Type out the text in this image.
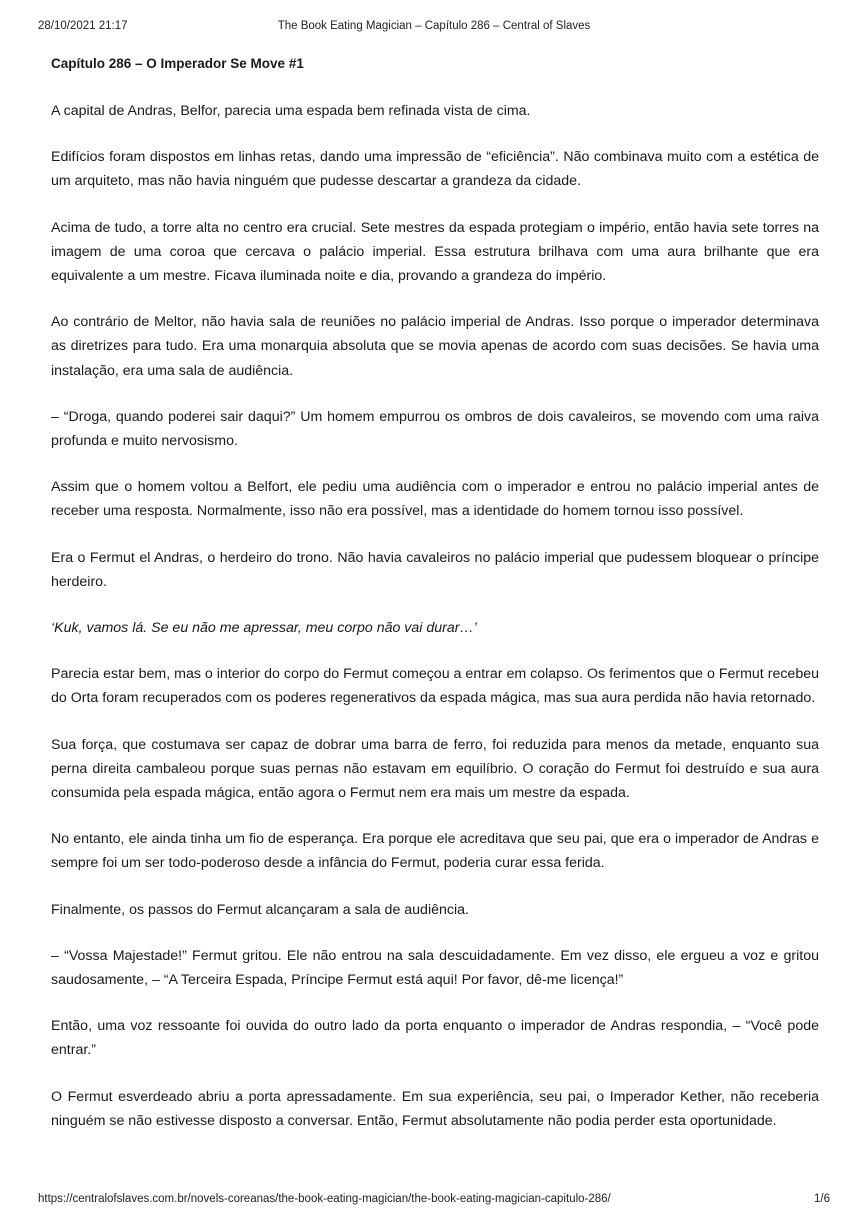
28/10/2021 21:17	The Book Eating Magician – Capítulo 286 – Central of Slaves
Capítulo 286 – O Imperador Se Move #1

A capital de Andras, Belfor, parecia uma espada bem refinada vista de cima.

Edifícios foram dispostos em linhas retas, dando uma impressão de “eficiência”. Não combinava muito com a estética de um arquiteto, mas não havia ninguém que pudesse descartar a grandeza da cidade.

Acima de tudo, a torre alta no centro era crucial. Sete mestres da espada protegiam o império, então havia sete torres na imagem de uma coroa que cercava o palácio imperial. Essa estrutura brilhava com uma aura brilhante que era equivalente a um mestre. Ficava iluminada noite e dia, provando a grandeza do império.

Ao contrário de Meltor, não havia sala de reuniões no palácio imperial de Andras. Isso porque o imperador determinava as diretrizes para tudo. Era uma monarquia absoluta que se movia apenas de acordo com suas decisões. Se havia uma instalação, era uma sala de audiência.

– “Droga, quando poderei sair daqui?” Um homem empurrou os ombros de dois cavaleiros, se movendo com uma raiva profunda e muito nervosismo.

Assim que o homem voltou a Belfort, ele pediu uma audiência com o imperador e entrou no palácio imperial antes de receber uma resposta. Normalmente, isso não era possível, mas a identidade do homem tornou isso possível.

Era o Fermut el Andras, o herdeiro do trono. Não havia cavaleiros no palácio imperial que pudessem bloquear o príncipe herdeiro.

‘Kuk, vamos lá. Se eu não me apressar, meu corpo não vai durar…’

Parecia estar bem, mas o interior do corpo do Fermut começou a entrar em colapso. Os ferimentos que o Fermut recebeu do Orta foram recuperados com os poderes regenerativos da espada mágica, mas sua aura perdida não havia retornado.

Sua força, que costumava ser capaz de dobrar uma barra de ferro, foi reduzida para menos da metade, enquanto sua perna direita cambaleou porque suas pernas não estavam em equilíbrio. O coração do Fermut foi destruído e sua aura consumida pela espada mágica, então agora o Fermut nem era mais um mestre da espada.

No entanto, ele ainda tinha um fio de esperança. Era porque ele acreditava que seu pai, que era o imperador de Andras e sempre foi um ser todo-poderoso desde a infância do Fermut, poderia curar essa ferida.

Finalmente, os passos do Fermut alcançaram a sala de audiência.

– “Vossa Majestade!” Fermut gritou. Ele não entrou na sala descuidadamente. Em vez disso, ele ergueu a voz e gritou saudosamente, – “A Terceira Espada, Príncipe Fermut está aqui! Por favor, dê-me licença!”

Então, uma voz ressoante foi ouvida do outro lado da porta enquanto o imperador de Andras respondia, – “Você pode entrar.”

O Fermut esverdeado abriu a porta apressadamente. Em sua experiência, seu pai, o Imperador Kether, não receberia ninguém se não estivesse disposto a conversar. Então, Fermut absolutamente não podia perder esta oportunidade.

https://centralofslaves.com.br/novels-coreanas/the-book-eating-magician/the-book-eating-magician-capitulo-286/	1/6
